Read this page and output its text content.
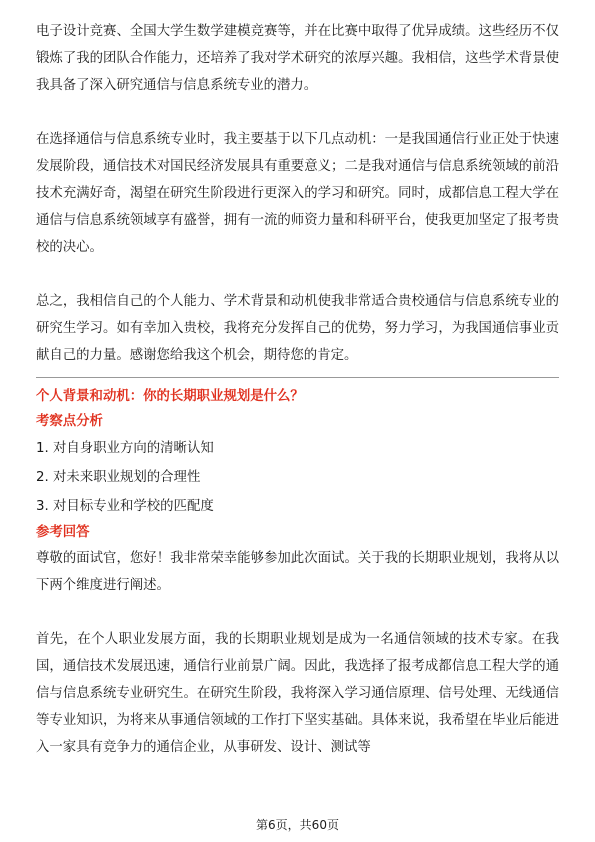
电子设计竞赛、全国大学生数学建模竞赛等，并在比赛中取得了优异成绩。这些经历不仅锻炼了我的团队合作能力，还培养了我对学术研究的浓厚兴趣。我相信，这些学术背景使我具备了深入研究通信与信息系统专业的潜力。

在选择通信与信息系统专业时，我主要基于以下几点动机：一是我国通信行业正处于快速发展阶段，通信技术对国民经济发展具有重要意义；二是我对通信与信息系统领域的前沿技术充满好奇，渴望在研究生阶段进行更深入的学习和研究。同时，成都信息工程大学在通信与信息系统领域享有盛誉，拥有一流的师资力量和科研平台，使我更加坚定了报考贵校的决心。

总之，我相信自己的个人能力、学术背景和动机使我非常适合贵校通信与信息系统专业的研究生学习。如有幸加入贵校，我将充分发挥自己的优势，努力学习，为我国通信事业贡献自己的力量。感谢您给我这个机会，期待您的肯定。

个人背景和动机：你的长期职业规划是什么？

考察点分析

1. 对自身职业方向的清晰认知
2. 对未来职业规划的合理性
3. 对目标专业和学校的匹配度

参考回答

尊敬的面试官，您好！我非常荣幸能够参加此次面试。关于我的长期职业规划，我将从以下两个维度进行阐述。

首先，在个人职业发展方面，我的长期职业规划是成为一名通信领域的技术专家。在我国，通信技术发展迅速，通信行业前景广阔。因此，我选择了报考成都信息工程大学的通信与信息系统专业研究生。在研究生阶段，我将深入学习通信原理、信号处理、无线通信等专业知识，为将来从事通信领域的工作打下坚实基础。具体来说，我希望在毕业后能进入一家具有竞争力的通信企业，从事研发、设计、测试等

第6页，共60页
